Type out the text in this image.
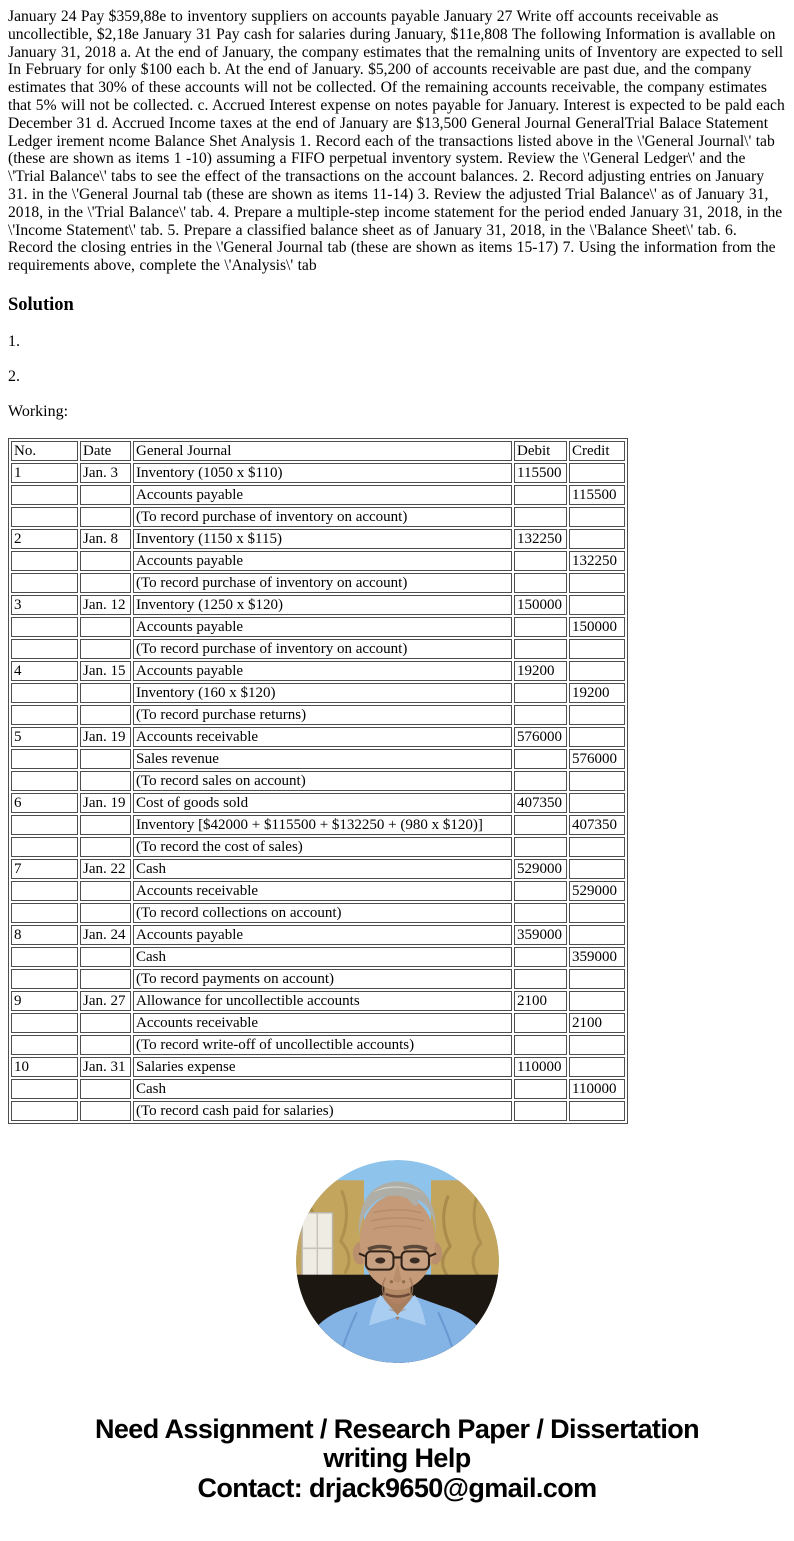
January 24 Pay $359,88e to inventory suppliers on accounts payable January 27 Write off accounts receivable as uncollectible, $2,18e January 31 Pay cash for salaries during January, $11e,808 The following Information is avallable on January 31, 2018 a. At the end of January, the company estimates that the remalning units of Inventory are expected to sell In February for only $100 each b. At the end of January. $5,200 of accounts receivable are past due, and the company estimates that 30% of these accounts will not be collected. Of the remaining accounts receivable, the company estimates that 5% will not be collected. c. Accrued Interest expense on notes payable for January. Interest is expected to be pald each December 31 d. Accrued Income taxes at the end of January are $13,500 General Journal GeneralTrial Balace Statement Ledger irement ncome Balance Shet Analysis 1. Record each of the transactions listed above in the \'General Journal\' tab (these are shown as items 1 -10) assuming a FIFO perpetual inventory system. Review the \'General Ledger\' and the \'Trial Balance\' tabs to see the effect of the transactions on the account balances. 2. Record adjusting entries on January 31. in the \'General Journal tab (these are shown as items 11-14) 3. Review the adjusted Trial Balance\' as of January 31, 2018, in the \'Trial Balance\' tab. 4. Prepare a multiple-step income statement for the period ended January 31, 2018, in the \'Income Statement\' tab. 5. Prepare a classified balance sheet as of January 31, 2018, in the \'Balance Sheet\' tab. 6. Record the closing entries in the \'General Journal tab (these are shown as items 15-17) 7. Using the information from the requirements above, complete the \'Analysis\' tab

Solution

1.

2.

Working:

No.	Date	General Journal	Debit	Credit
1	Jan. 3	Inventory (1050 x $110)	115500	
		Accounts payable		115500
		(To record purchase of inventory on account)		
2	Jan. 8	Inventory (1150 x $115)	132250	
		Accounts payable		132250
		(To record purchase of inventory on account)		
3	Jan. 12	Inventory (1250 x $120)	150000	
		Accounts payable		150000
		(To record purchase of inventory on account)		
4	Jan. 15	Accounts payable	19200	
		Inventory (160 x $120)		19200
		(To record purchase returns)		
5	Jan. 19	Accounts receivable	576000	
		Sales revenue		576000
		(To record sales on account)		
6	Jan. 19	Cost of goods sold	407350	
		Inventory [$42000 + $115500 + $132250 + (980 x $120)]		407350
		(To record the cost of sales)		
7	Jan. 22	Cash	529000	
		Accounts receivable		529000
		(To record collections on account)		
8	Jan. 24	Accounts payable	359000	
		Cash		359000
		(To record payments on account)		
9	Jan. 27	Allowance for uncollectible accounts	2100	
		Accounts receivable		2100
		(To record write-off of uncollectible accounts)		
10	Jan. 31	Salaries expense	110000	
		Cash		110000
		(To record cash paid for salaries)		
Need Assignment / Research Paper / Dissertation
writing Help
Contact: drjack9650@gmail.com
